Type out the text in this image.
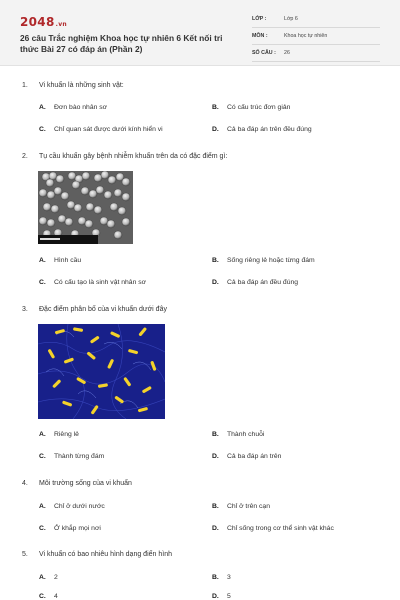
2048.vn
26 câu Trắc nghiệm Khoa học tự nhiên 6 Kết nối tri thức Bài 27 có đáp án (Phần 2)
LỚP :	Lớp 6
MÔN :	Khoa học tự nhiên
SỐ CÂU :	26
1. Vi khuẩn là những sinh vật:
A. Đơn bào nhân sơ	B. Có cấu trúc đơn giản
C. Chỉ quan sát được dưới kính hiển vi	D. Cả ba đáp án trên đều đúng
2. Tụ cầu khuẩn gây bệnh nhiễm khuẩn trên da có đặc điểm gì:
A. Hình cầu	B. Sống riêng lẻ hoặc từng đám
C. Có cấu tạo là sinh vật nhân sơ	D. Cả ba đáp án đều đúng
3. Đặc điểm phân bố của vi khuẩn dưới đây
A. Riêng lẻ	B. Thành chuỗi
C. Thành từng đám	D. Cả ba đáp án trên
4. Môi trường sống của vi khuẩn
A. Chỉ ở dưới nước	B. Chỉ ở trên cạn
C. Ở khắp mọi nơi	D. Chỉ sống trong cơ thể sinh vật khác
5. Vi khuẩn có bao nhiêu hình dạng điển hình
A. 2	B. 3
C. 4	D. 5
